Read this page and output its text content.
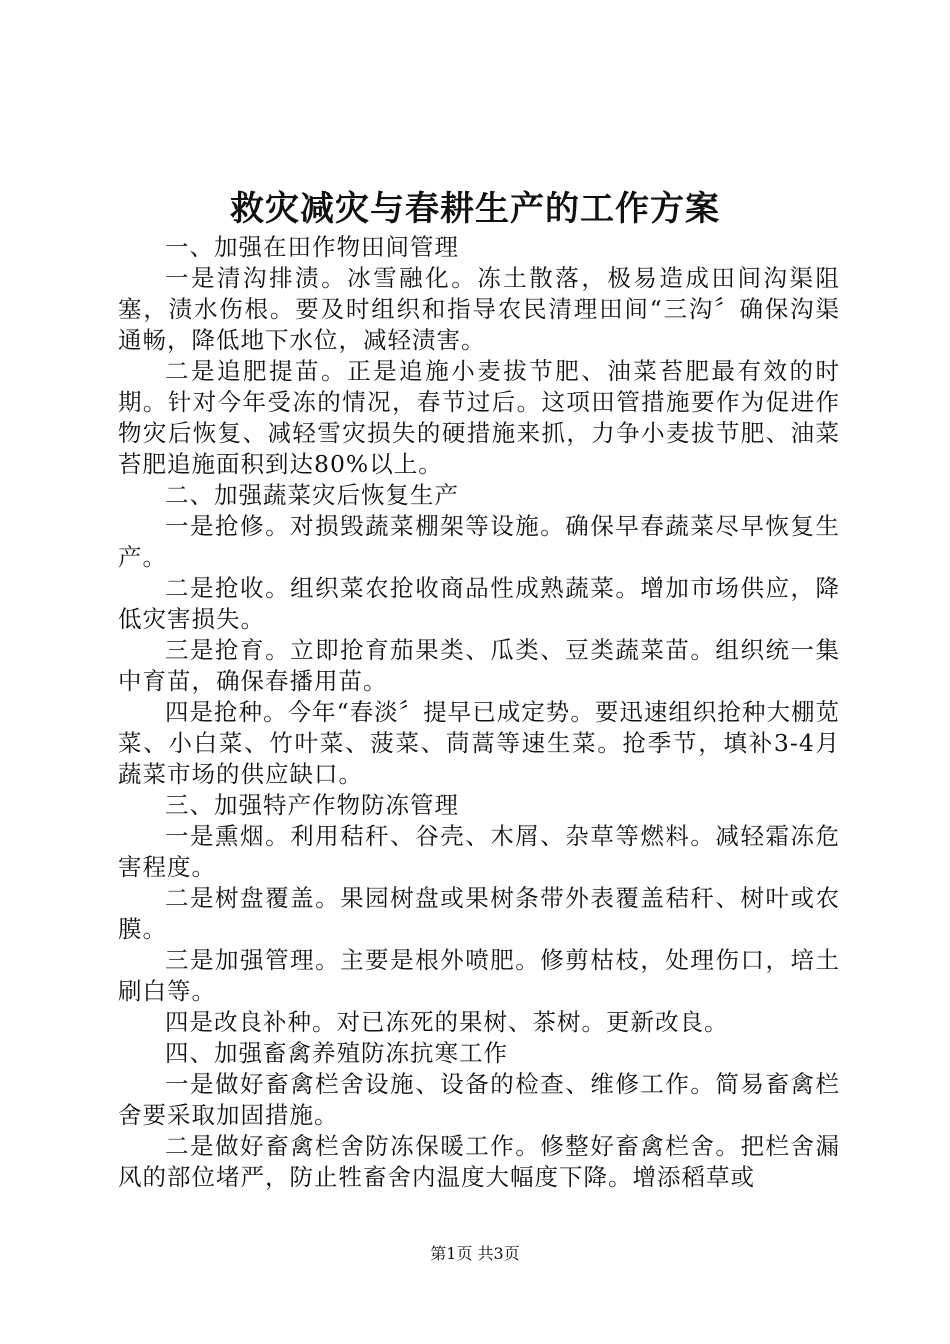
救灾减灾与春耕生产的工作方案

一、加强在田作物田间管理

一是清沟排渍。冰雪融化。冻土散落，极易造成田间沟渠阻塞，渍水伤根。要及时组织和指导农民清理田间“三沟〞确保沟渠通畅，降低地下水位，减轻渍害。

二是追肥提苗。正是追施小麦拔节肥、油菜苔肥最有效的时期。针对今年受冻的情况，春节过后。这项田管措施要作为促进作物灾后恢复、减轻雪灾损失的硬措施来抓，力争小麦拔节肥、油菜苔肥追施面积到达80%以上。

二、加强蔬菜灾后恢复生产

一是抢修。对损毁蔬菜棚架等设施。确保早春蔬菜尽早恢复生产。

二是抢收。组织菜农抢收商品性成熟蔬菜。增加市场供应，降低灾害损失。

三是抢育。立即抢育茄果类、瓜类、豆类蔬菜苗。组织统一集中育苗，确保春播用苗。

四是抢种。今年“春淡〞提早已成定势。要迅速组织抢种大棚苋菜、小白菜、竹叶菜、菠菜、茼蒿等速生菜。抢季节，填补3-4月蔬菜市场的供应缺口。

三、加强特产作物防冻管理

一是熏烟。利用秸秆、谷壳、木屑、杂草等燃料。减轻霜冻危害程度。

二是树盘覆盖。果园树盘或果树条带外表覆盖秸秆、树叶或农膜。

三是加强管理。主要是根外喷肥。修剪枯枝，处理伤口，培土刷白等。

四是改良补种。对已冻死的果树、茶树。更新改良。

四、加强畜禽养殖防冻抗寒工作

一是做好畜禽栏舍设施、设备的检查、维修工作。简易畜禽栏舍要采取加固措施。

二是做好畜禽栏舍防冻保暖工作。修整好畜禽栏舍。把栏舍漏风的部位堵严，防止牲畜舍内温度大幅度下降。增添稻草或

第1页 共3页
